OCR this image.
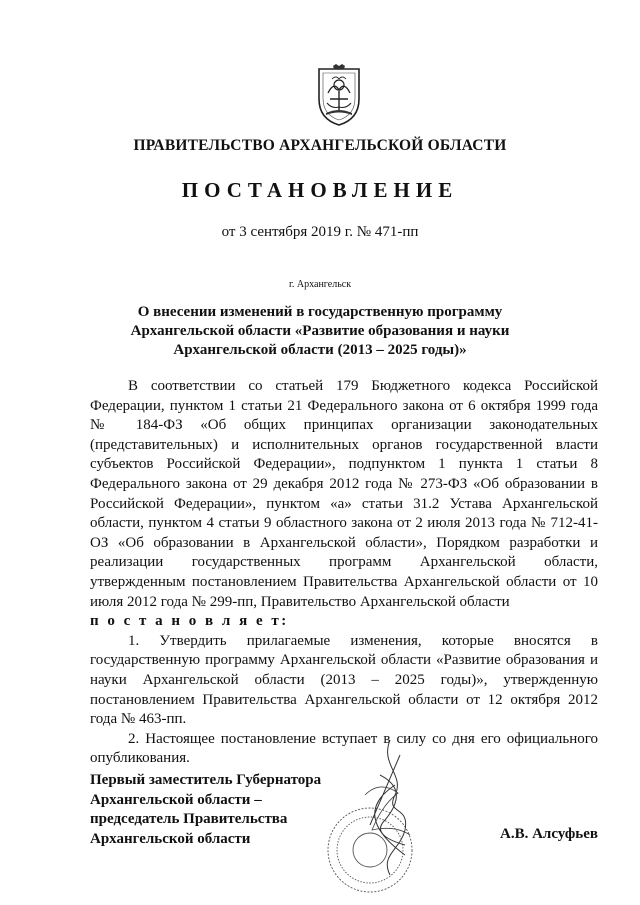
ПРАВИТЕЛЬСТВО АРХАНГЕЛЬСКОЙ ОБЛАСТИ
ПОСТАНОВЛЕНИЕ
от 3 сентября 2019 г. № 471-пп
г. Архангельск
О внесении изменений в государственную программу
Архангельской области «Развитие образования и науки
Архангельской области (2013 – 2025 годы)»

В соответствии со статьей 179 Бюджетного кодекса Российской Федерации, пунктом 1 статьи 21 Федерального закона от 6 октября 1999 года № 184-ФЗ «Об общих принципах организации законодательных (представительных) и исполнительных органов государственной власти субъектов Российской Федерации», подпунктом 1 пункта 1 статьи 8 Федерального закона от 29 декабря 2012 года № 273-ФЗ «Об образовании в Российской Федерации», пунктом «а» статьи 31.2 Устава Архангельской области, пунктом 4 статьи 9 областного закона от 2 июля 2013 года № 712-41-ОЗ «Об образовании в Архангельской области», Порядком разработки и реализации государственных программ Архангельской области, утвержденным постановлением Правительства Архангельской области от 10 июля 2012 года № 299-пп, Правительство Архангельской области

п о с т а н о в л я е т:

1. Утвердить прилагаемые изменения, которые вносятся в государственную программу Архангельской области «Развитие образования и науки Архангельской области (2013 – 2025 годы)», утвержденную постановлением Правительства Архангельской области от 12 октября 2012 года № 463-пп.

2. Настоящее постановление вступает в силу со дня его официального опубликования.

Первый заместитель Губернатора
Архангельской области –
председатель Правительства
Архангельской области	А.В. Алсуфьев
